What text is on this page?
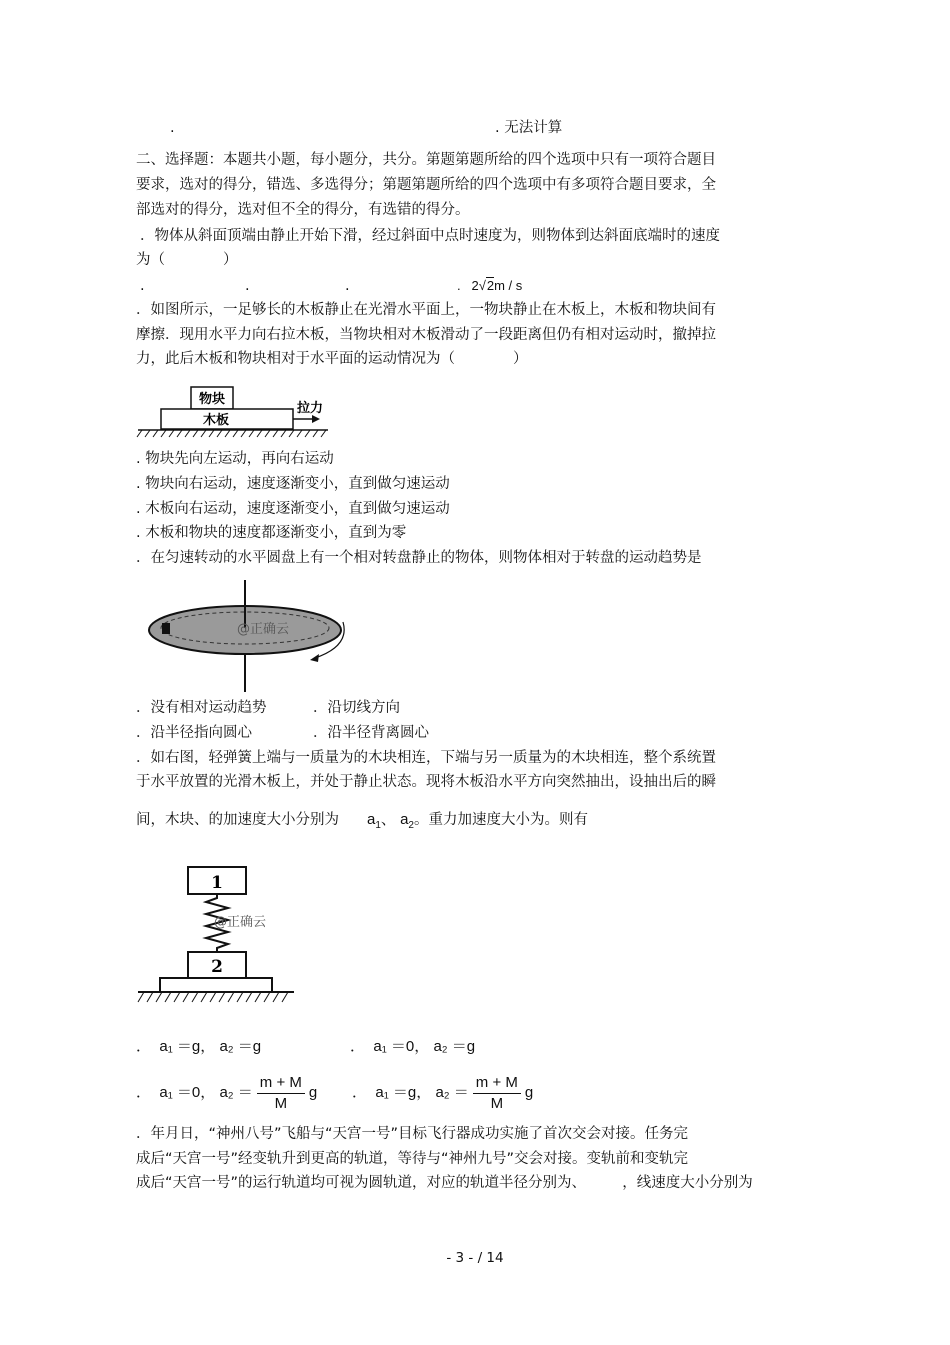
.	. 无法计算
二、选择题：本题共小题，每小题分，共分。第题第题所给的四个选项中只有一项符合题目
要求，选对的得分，错选、多选得分；第题第题所给的四个选项中有多项符合题目要求，全
部选对的得分，选对但不全的得分，有选错的得分。
．物体从斜面顶端由静止开始下滑，经过斜面中点时速度为，则物体到达斜面底端时的速度
为（　　　　）
.	.	.	. 2√2m / s
．如图所示，一足够长的木板静止在光滑水平面上，一物块静止在木板上，木板和物块间有
摩擦．现用水平力向右拉木板，当物块相对木板滑动了一段距离但仍有相对运动时，撤掉拉
力，此后木板和物块相对于水平面的运动情况为（　　　　）
物块
木板
拉力
. 物块先向左运动，再向右运动
. 物块向右运动，速度逐渐变小，直到做匀速运动
. 木板向右运动，速度逐渐变小，直到做匀速运动
. 木板和物块的速度都逐渐变小，直到为零
．在匀速转动的水平圆盘上有一个相对转盘静止的物体，则物体相对于转盘的运动趋势是
@正确云
．没有相对运动趋势	．沿切线方向
．沿半径指向圆心	．沿半径背离圆心
．如右图，轻弹簧上端与一质量为的木块相连，下端与另一质量为的木块相连，整个系统置
于水平放置的光滑木板上，并处于静止状态。现将木板沿水平方向突然抽出，设抽出后的瞬
间，木块、的加速度大小分别为 $a_1$、 $a_2$。重力加速度大小为。则有
1
@正确云
2
． a₁ ＝g， a₂ ＝g	． a₁ ＝0， a₂ ＝g
． a₁ ＝0， $a_2 = \frac{m + M}{M}$ g ． a₁ ＝g， $a_2 = \frac{m + M}{M}$ g
．年月日，“神州八号”飞船与“天宫一号”目标飞行器成功实施了首次交会对接。任务完
成后“天宫一号”经变轨升到更高的轨道，等待与“神州九号”交会对接。变轨前和变轨完
成后“天宫一号”的运行轨道均可视为圆轨道，对应的轨道半径分别为、　　　，线速度大小分别为
- 3 - / 14
